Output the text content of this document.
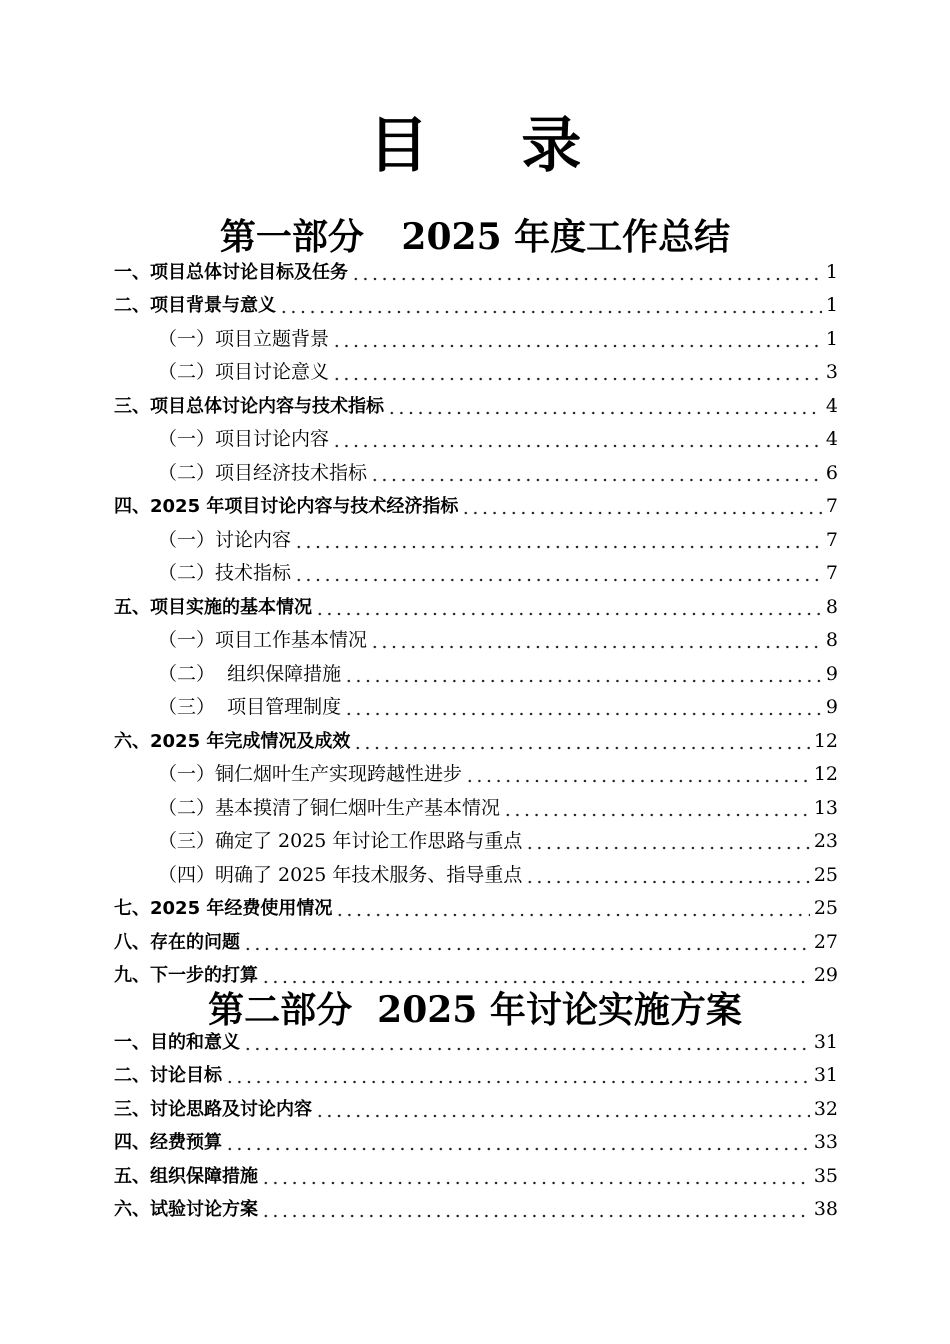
目 录
第一部分   2025 年度工作总结
一、项目总体讨论目标及任务	1
二、项目背景与意义	1
（一）项目立题背景	1
（二）项目讨论意义	3
三、项目总体讨论内容与技术指标	4
（一）项目讨论内容	4
（二）项目经济技术指标	6
四、2025 年项目讨论内容与技术经济指标	7
（一）讨论内容	7
（二）技术指标	7
五、项目实施的基本情况	8
（一）项目工作基本情况	8
（二）  组织保障措施	9
（三）  项目管理制度	9
六、2025 年完成情况及成效	12
（一）铜仁烟叶生产实现跨越性进步	12
（二）基本摸清了铜仁烟叶生产基本情况	13
（三）确定了 2025 年讨论工作思路与重点	23
（四）明确了 2025 年技术服务、指导重点	25
七、2025 年经费使用情况	25
八、存在的问题	27
九、下一步的打算	29
第二部分  2025 年讨论实施方案
一、目的和意义	31
二、讨论目标	31
三、讨论思路及讨论内容	32
四、经费预算	33
五、组织保障措施	35
六、试验讨论方案	38
